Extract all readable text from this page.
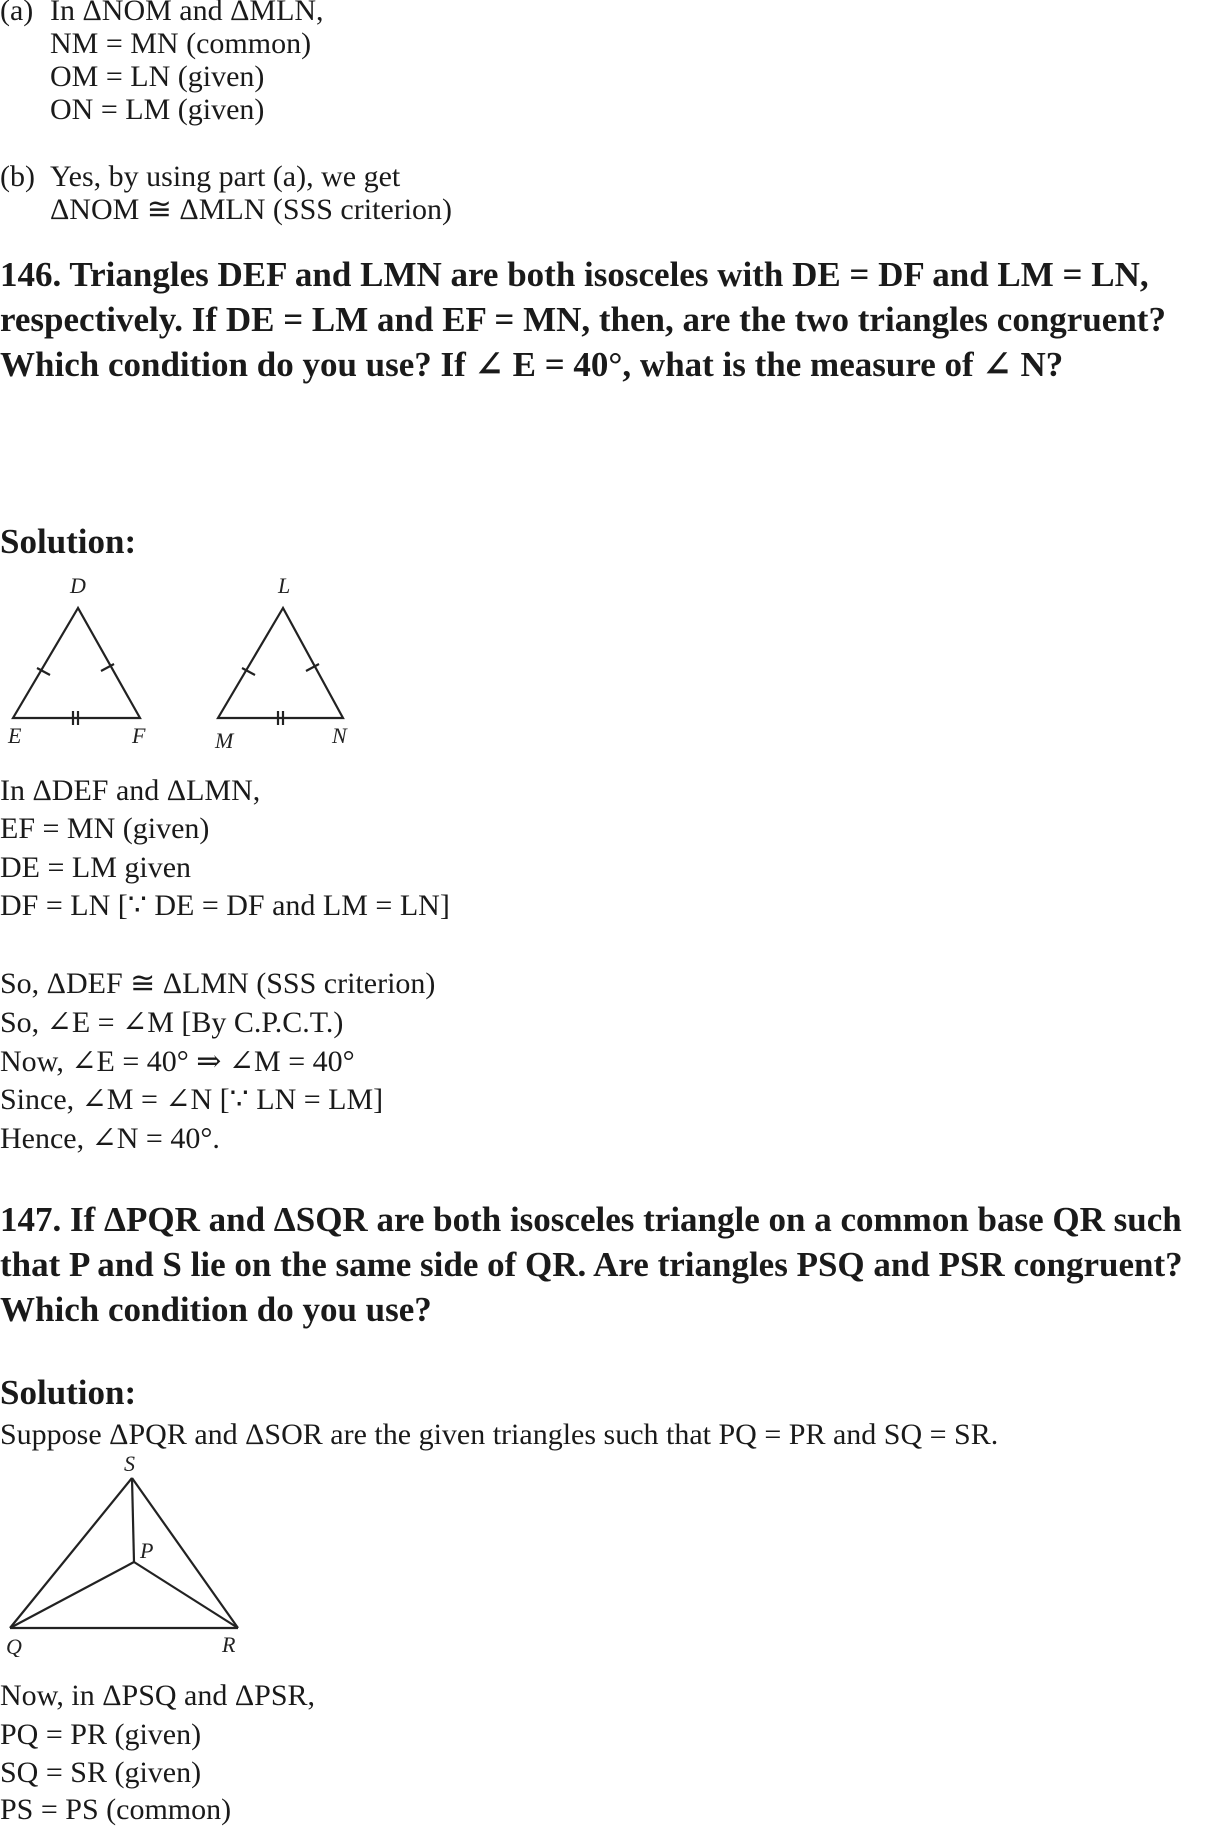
(a) In ΔNOM and ΔMLN,
NM = MN (common)
OM = LN (given)
ON = LM (given)
(b) Yes, by using part (a), we get
ΔNOM ≅ ΔMLN (SSS criterion)
146. Triangles DEF and LMN are both isosceles with DE = DF and LM = LN, respectively. If DE = LM and EF = MN, then, are the two triangles congruent? Which condition do you use? If ∠ E = 40°, what is the measure of ∠ N?
Solution:
D
E	F
L
M	N
In ΔDEF and ΔLMN,
EF = MN (given)
DE = LM given
DF = LN [∵ DE = DF and LM = LN]
So, ΔDEF ≅ ΔLMN (SSS criterion)
So, ∠E = ∠M [By C.P.C.T.)
Now, ∠E = 40° ⇒ ∠M = 40°
Since, ∠M = ∠N [∵ LN = LM]
Hence, ∠N = 40°.
147. If ΔPQR and ΔSQR are both isosceles triangle on a common base QR such that P and S lie on the same side of QR. Are triangles PSQ and PSR congruent? Which condition do you use?
Solution:
Suppose ΔPQR and ΔSOR are the given triangles such that PQ = PR and SQ = SR.
S
P
Q	R
Now, in ΔPSQ and ΔPSR,
PQ = PR (given)
SQ = SR (given)
PS = PS (common)
